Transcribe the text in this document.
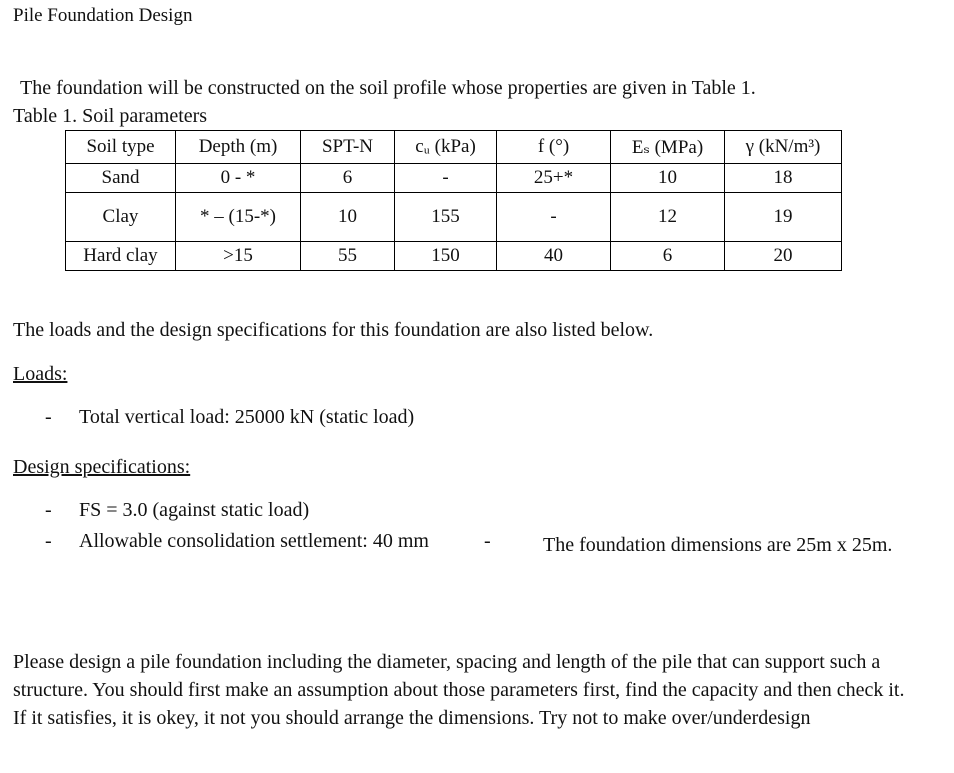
Pile Foundation Design
The foundation will be constructed on the soil profile whose properties are given in Table 1.
Table 1. Soil parameters
Soil type	Depth (m)	SPT-N	cᵤ (kPa)	f (°)	Eₛ (MPa)	γ (kN/m³)
Sand	0 - *	6	-	25+*	10	18
Clay	* – (15-*)	10	155	-	12	19
Hard clay	>15	55	150	40	6	20
The loads and the design specifications for this foundation are also listed below.
Loads:
- Total vertical load: 25000 kN (static load)
Design specifications:
- FS = 3.0 (against static load)
- Allowable consolidation settlement: 40 mm	-	The foundation dimensions are 25m x 25m.
Please design a pile foundation including the diameter, spacing and length of the pile that can support such a structure. You should first make an assumption about those parameters first, find the capacity and then check it. If it satisfies, it is okey, it not you should arrange the dimensions. Try not to make over/underdesign
